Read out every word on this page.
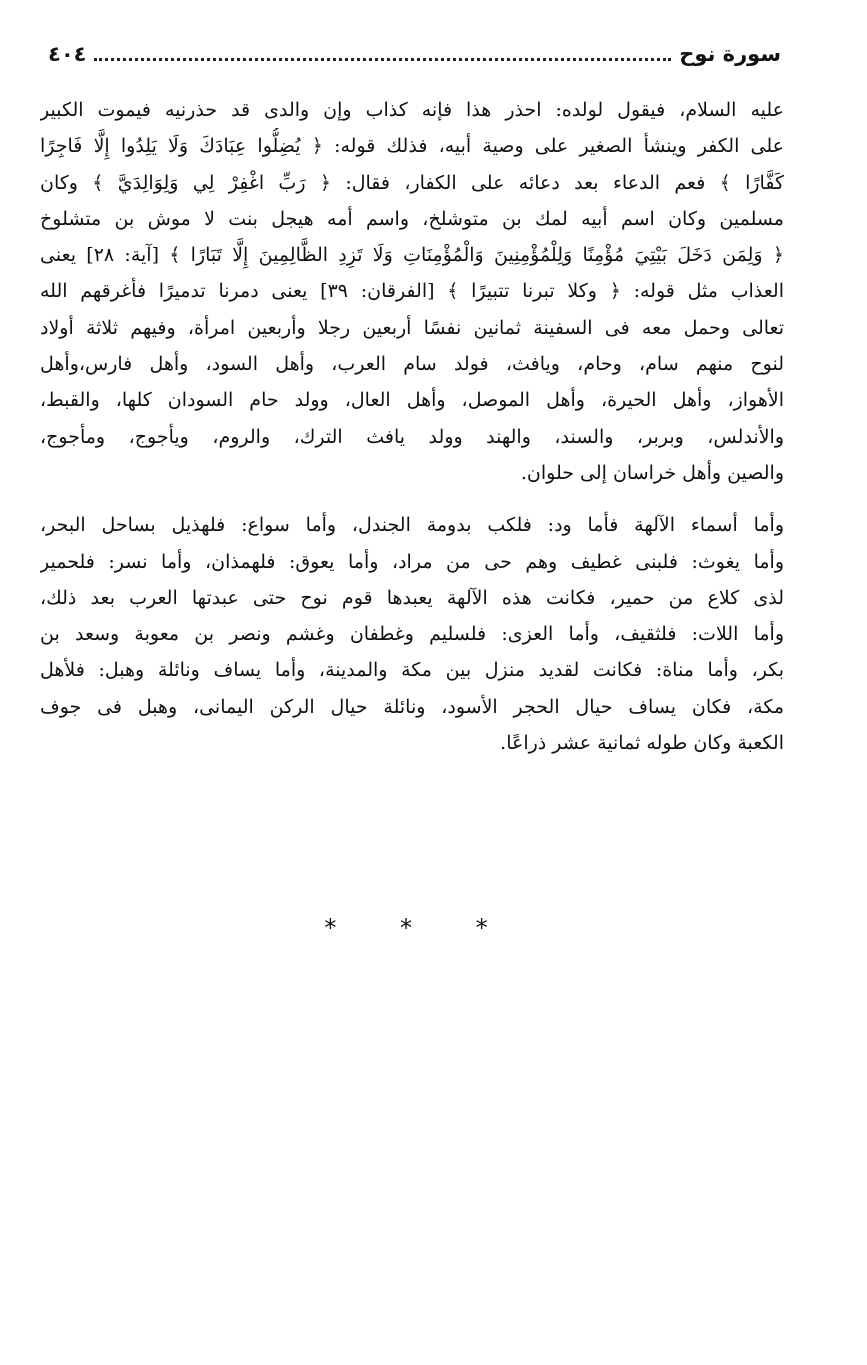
سورة نوح
٤٠٤
عليه السلام، فيقول لولده: احذر هذا فإنه كذاب وإن والدى قد حذرنيه فيموت الكبير
على الكفر وينشأ الصغير على وصية أبيه، فذلك قوله: ﴿ يُضِلُّوا عِبَادَكَ وَلَا يَلِدُوا إِلَّا فَاجِرًا
كَفَّارًا ﴾ فعم الدعاء بعد دعائه على الكفار، فقال: ﴿ رَبِّ اغْفِرْ لِي وَلِوَالِدَيَّ ﴾ وكان
مسلمين وكان اسم أبيه لمك بن متوشلخ، واسم أمه هيجل بنت لا موش بن متشلوخ
﴿ وَلِمَن دَخَلَ بَيْتِيَ مُؤْمِنًا وَلِلْمُؤْمِنِينَ وَالْمُؤْمِنَاتِ وَلَا تَزِدِ الظَّالِمِينَ إِلَّا تَبَارًا ﴾ [آية: ٢٨] يعنى
العذاب مثل قوله: ﴿ وكلا تبرنا تتبيرًا ﴾ [الفرقان: ٣٩] يعنى دمرنا تدميرًا فأغرقهم الله
تعالى وحمل معه فى السفينة ثمانين نفسًا أربعين رجلا وأربعين امرأة، وفيهم ثلاثة أولاد
لنوح منهم سام، وحام، ويافث، فولد سام العرب، وأهل السود، وأهل فارس،وأهل
الأهواز، وأهل الحيرة، وأهل الموصل، وأهل العال، وولد حام السودان كلها، والقبط،
والأندلس، وبربر، والسند، والهند وولد يافث الترك، والروم، ويأجوج، ومأجوج،
والصين وأهل خراسان إلى حلوان.
وأما أسماء الآلهة فأما ود: فلكب بدومة الجندل، وأما سواع: فلهذيل بساحل البحر،
وأما يغوث: فلبنى غطيف وهم حى من مراد، وأما يعوق: فلهمذان، وأما نسر: فلحمير
لذى كلاع من حمير، فكانت هذه الآلهة يعبدها قوم نوح حتى عبدتها العرب بعد ذلك،
وأما اللات: فلثقيف، وأما العزى: فلسليم وغطفان وغشم ونصر بن معوبة وسعد بن
بكر، وأما مناة: فكانت لقديد منزل بين مكة والمدينة، وأما يساف ونائلة وهبل: فلأهل
مكة، فكان يساف حيال الحجر الأسود، ونائلة حيال الركن اليمانى، وهبل فى جوف
الكعبة وكان طوله ثمانية عشر ذراعًا.
* * *
